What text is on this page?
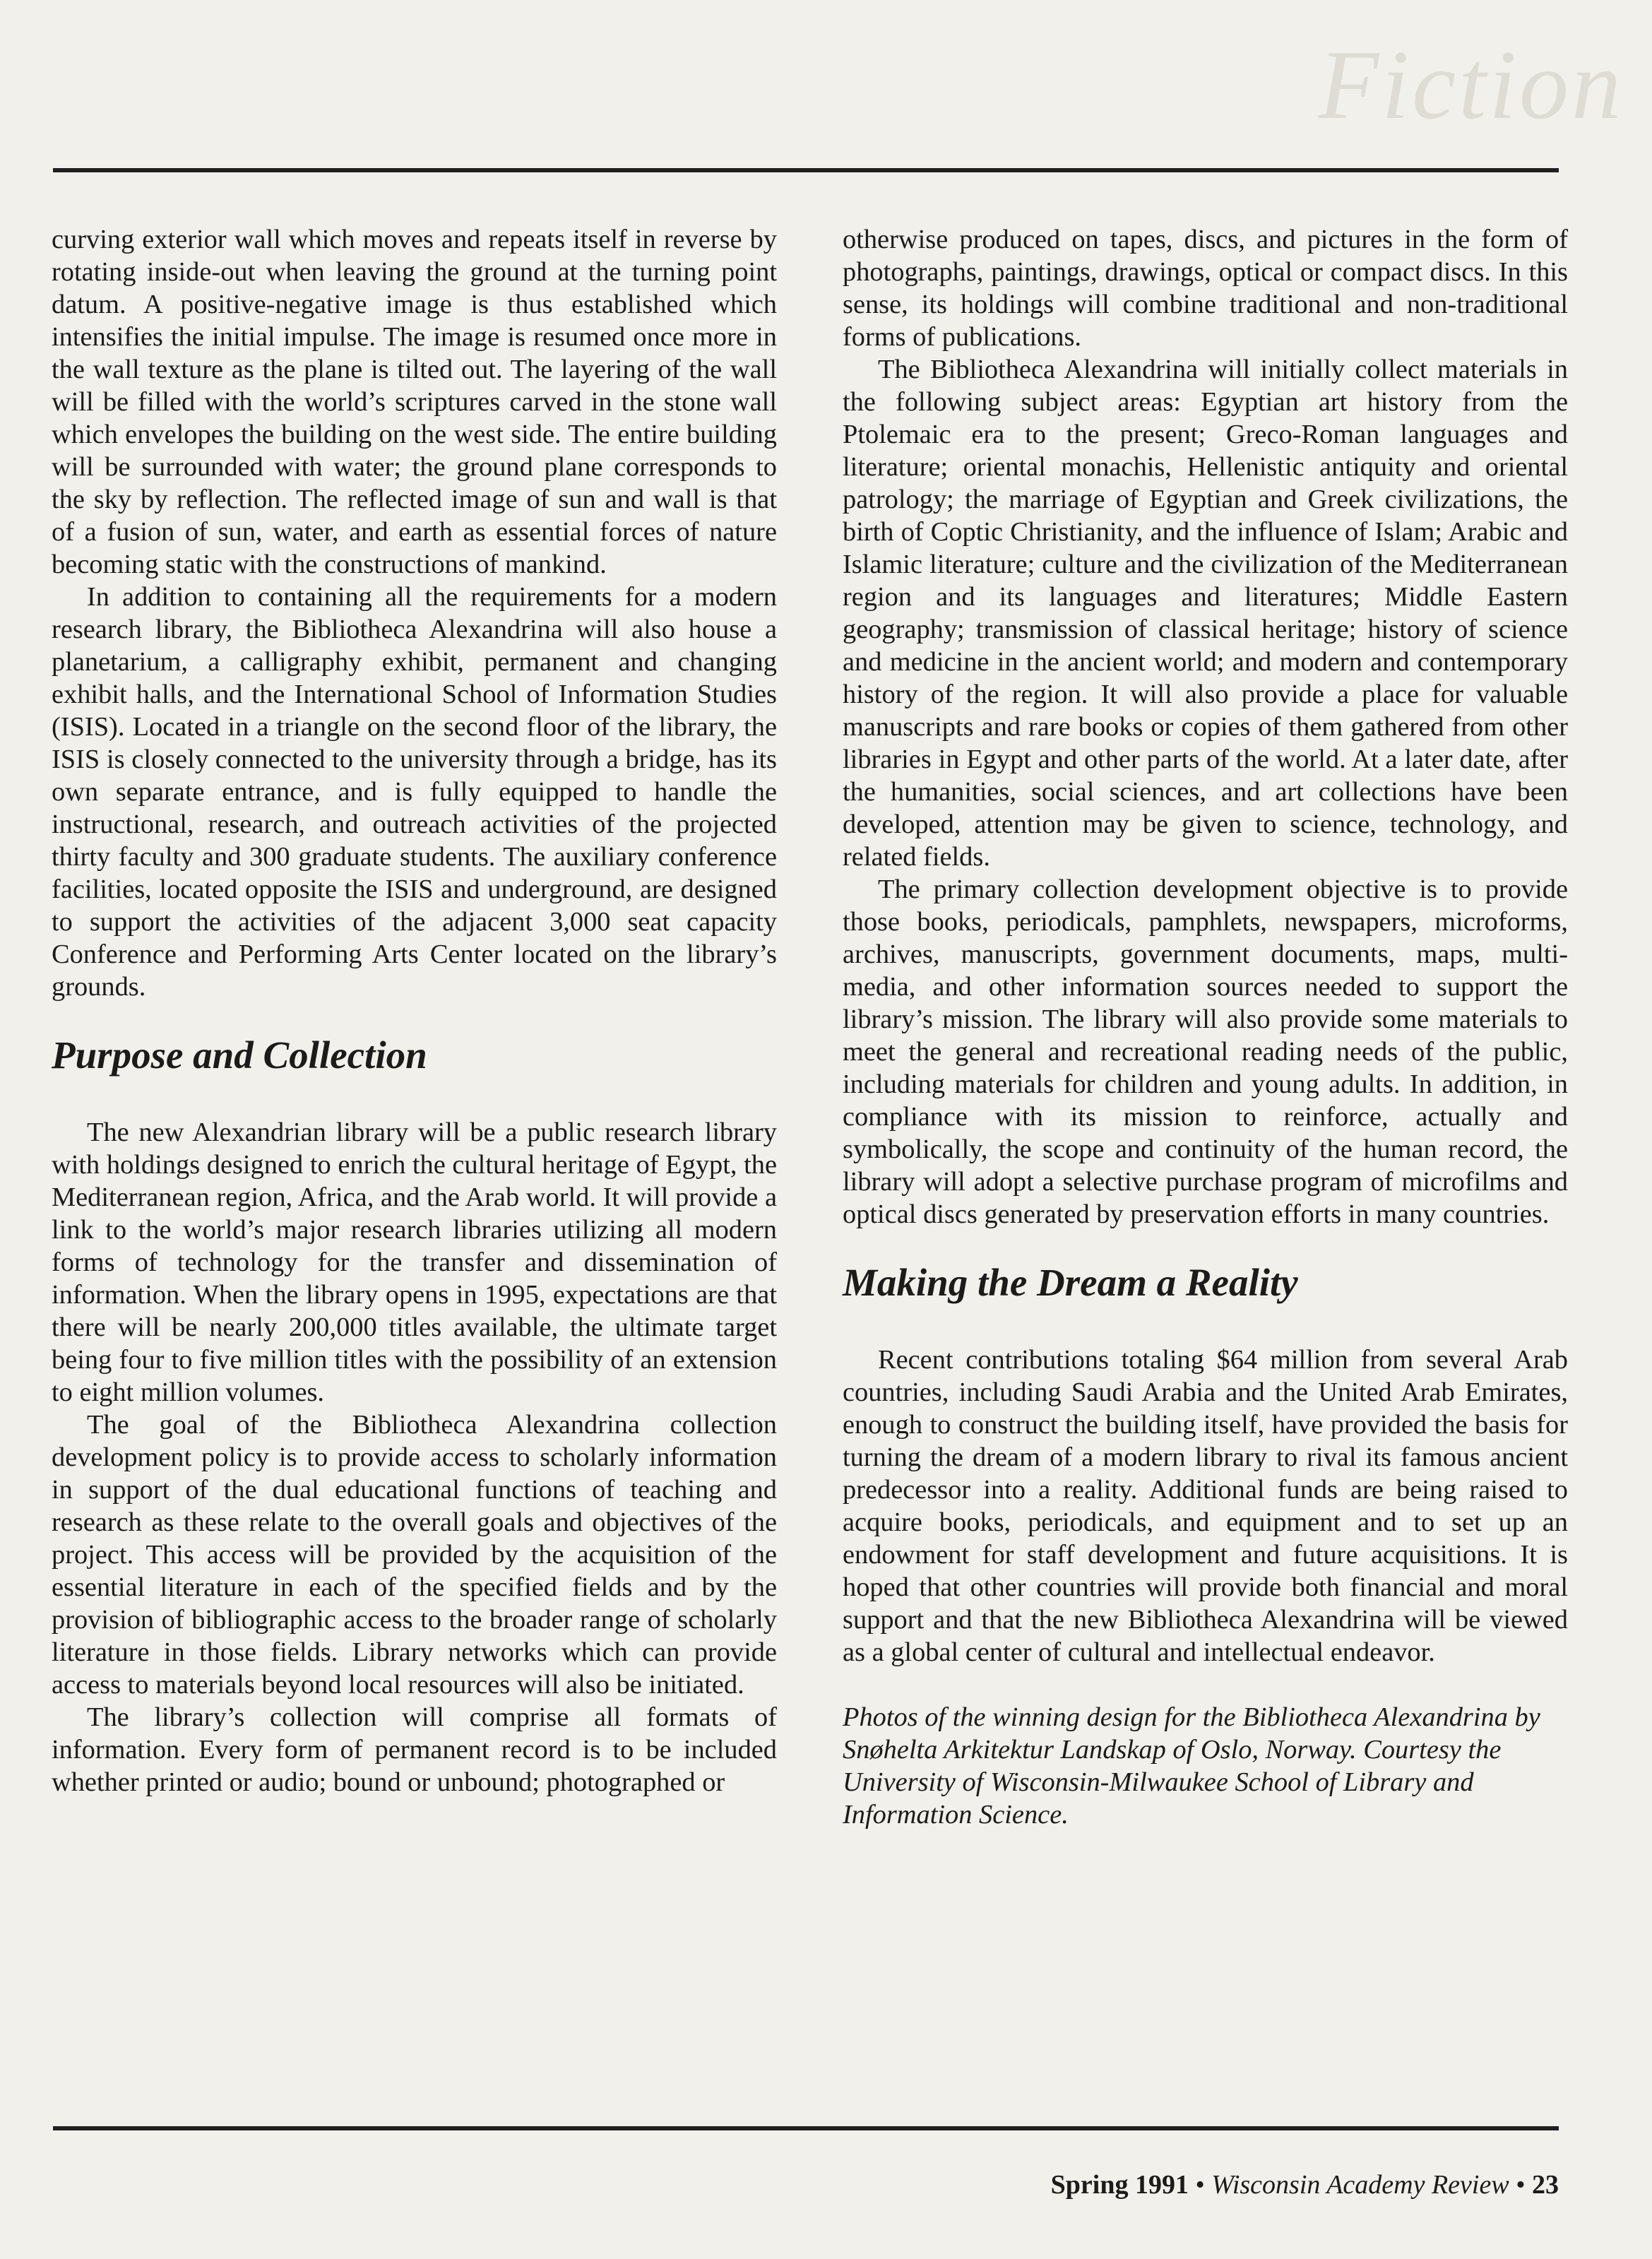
Fiction

curving exterior wall which moves and repeats itself in reverse by rotating inside-out when leaving the ground at the turning point datum. A positive-negative image is thus established which intensifies the initial impulse. The image is resumed once more in the wall texture as the plane is tilted out. The layering of the wall will be filled with the world’s scriptures carved in the stone wall which envelopes the building on the west side. The entire building will be surrounded with water; the ground plane corresponds to the sky by reflection. The reflected image of sun and wall is that of a fusion of sun, water, and earth as essential forces of nature becoming static with the constructions of mankind.

In addition to containing all the requirements for a modern research library, the Bibliotheca Alexandrina will also house a planetarium, a calligraphy exhibit, permanent and changing exhibit halls, and the International School of Information Studies (ISIS). Located in a triangle on the second floor of the library, the ISIS is closely connected to the university through a bridge, has its own separate entrance, and is fully equipped to handle the instructional, research, and outreach activities of the projected thirty faculty and 300 graduate students. The auxiliary conference facilities, located opposite the ISIS and underground, are designed to support the activities of the adjacent 3,000 seat capacity Conference and Performing Arts Center located on the library’s grounds.

Purpose and Collection

The new Alexandrian library will be a public research library with holdings designed to enrich the cultural heritage of Egypt, the Mediterranean region, Africa, and the Arab world. It will provide a link to the world’s major research libraries utilizing all modern forms of technology for the transfer and dissemination of information. When the library opens in 1995, expectations are that there will be nearly 200,000 titles available, the ultimate target being four to five million titles with the possibility of an extension to eight million volumes.

The goal of the Bibliotheca Alexandrina collection development policy is to provide access to scholarly information in support of the dual educational functions of teaching and research as these relate to the overall goals and objectives of the project. This access will be provided by the acquisition of the essential literature in each of the specified fields and by the provision of bibliographic access to the broader range of scholarly literature in those fields. Library networks which can provide access to materials beyond local resources will also be initiated.

The library’s collection will comprise all formats of information. Every form of permanent record is to be included whether printed or audio; bound or unbound; photographed or

otherwise produced on tapes, discs, and pictures in the form of photographs, paintings, drawings, optical or compact discs. In this sense, its holdings will combine traditional and non-traditional forms of publications.

The Bibliotheca Alexandrina will initially collect materials in the following subject areas: Egyptian art history from the Ptolemaic era to the present; Greco-Roman languages and literature; oriental monachis, Hellenistic antiquity and oriental patrology; the marriage of Egyptian and Greek civilizations, the birth of Coptic Christianity, and the influence of Islam; Arabic and Islamic literature; culture and the civilization of the Mediterranean region and its languages and literatures; Middle Eastern geography; transmission of classical heritage; history of science and medicine in the ancient world; and modern and contemporary history of the region. It will also provide a place for valuable manuscripts and rare books or copies of them gathered from other libraries in Egypt and other parts of the world. At a later date, after the humanities, social sciences, and art collections have been developed, attention may be given to science, technology, and related fields.

The primary collection development objective is to provide those books, periodicals, pamphlets, newspapers, microforms, archives, manuscripts, government documents, maps, multi-media, and other information sources needed to support the library’s mission. The library will also provide some materials to meet the general and recreational reading needs of the public, including materials for children and young adults. In addition, in compliance with its mission to reinforce, actually and symbolically, the scope and continuity of the human record, the library will adopt a selective purchase program of microfilms and optical discs generated by preservation efforts in many countries.

Making the Dream a Reality

Recent contributions totaling $64 million from several Arab countries, including Saudi Arabia and the United Arab Emirates, enough to construct the building itself, have provided the basis for turning the dream of a modern library to rival its famous ancient predecessor into a reality. Additional funds are being raised to acquire books, periodicals, and equipment and to set up an endowment for staff development and future acquisitions. It is hoped that other countries will provide both financial and moral support and that the new Bibliotheca Alexandrina will be viewed as a global center of cultural and intellectual endeavor.

Photos of the winning design for the Bibliotheca Alexandrina by Snøhelta Arkitektur Landskap of Oslo, Norway. Courtesy the University of Wisconsin-Milwaukee School of Library and Information Science.

Spring 1991 • Wisconsin Academy Review • 23
